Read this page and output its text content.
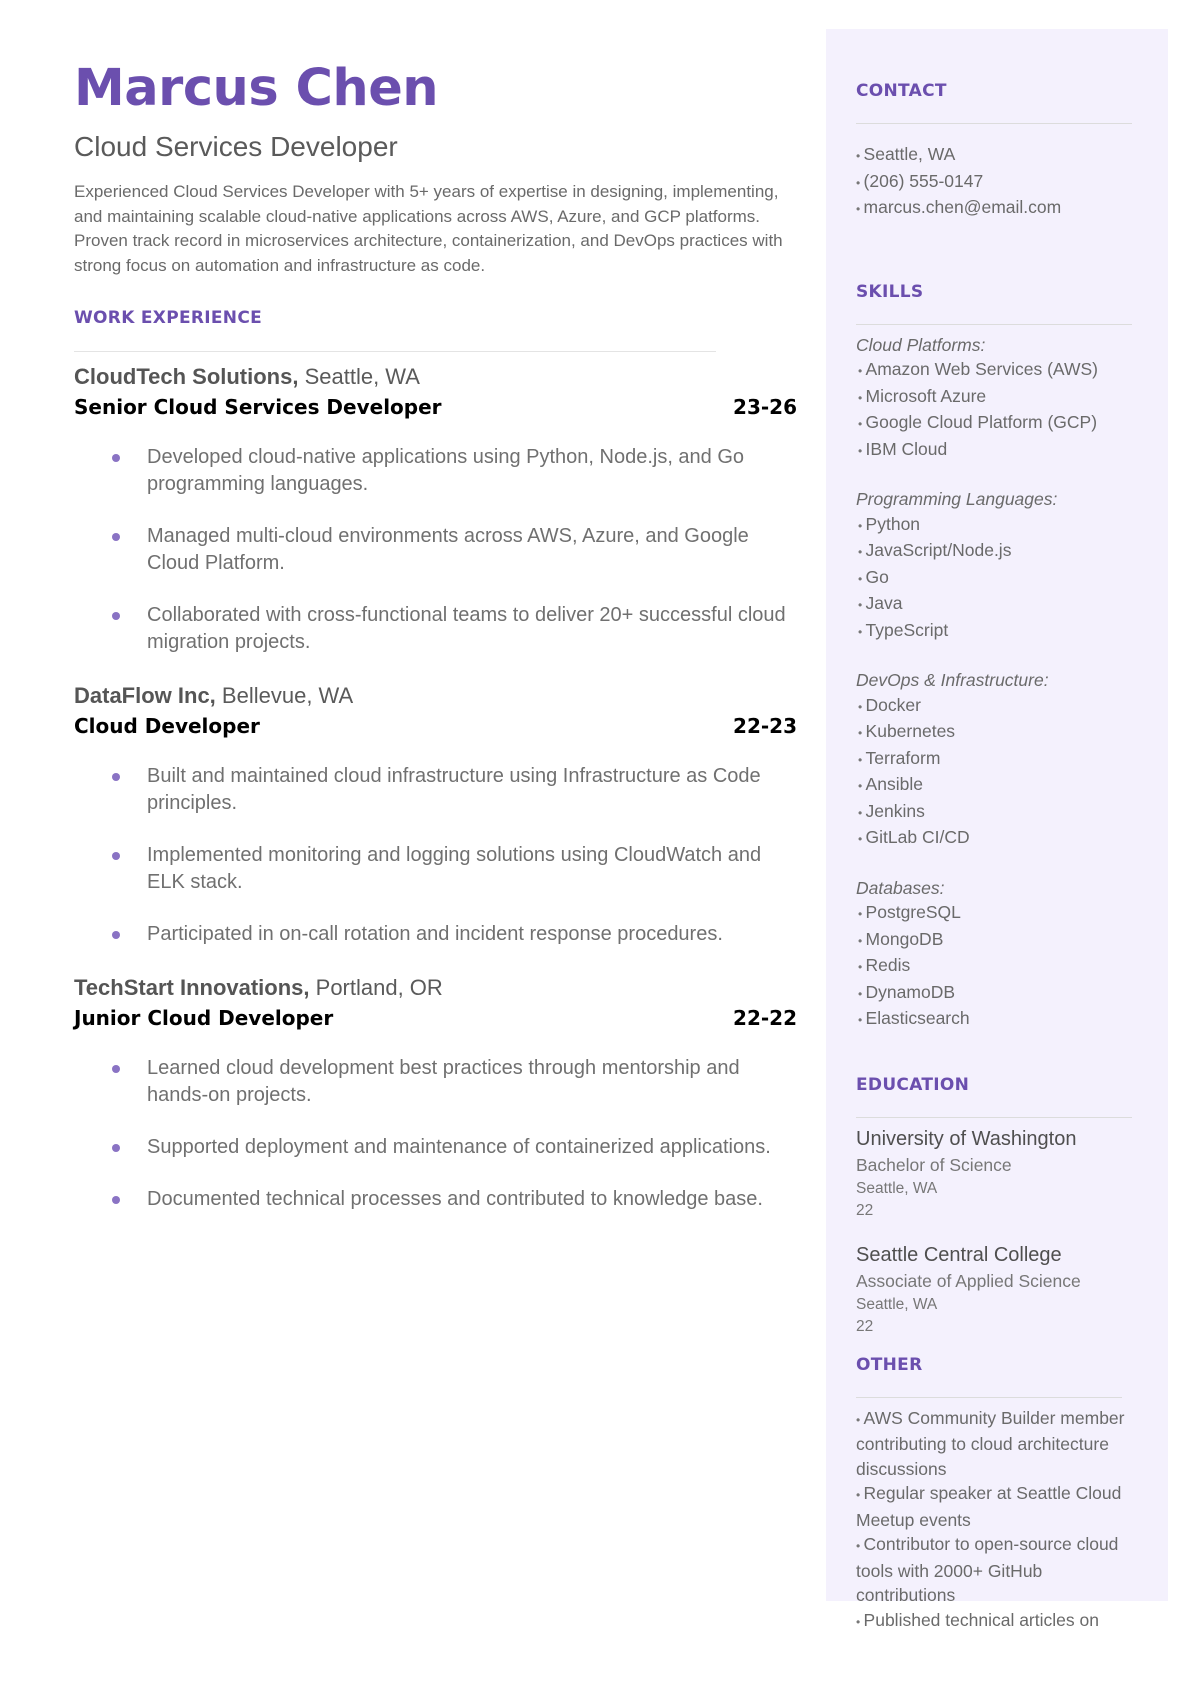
Marcus Chen
Cloud Services Developer
Experienced Cloud Services Developer with 5+ years of expertise in designing, implementing, and maintaining scalable cloud-native applications across AWS, Azure, and GCP platforms. Proven track record in microservices architecture, containerization, and DevOps practices with strong focus on automation and infrastructure as code.
WORK EXPERIENCE
CloudTech Solutions, Seattle, WA
Senior Cloud Services Developer	23-26
Developed cloud-native applications using Python, Node.js, and Go programming languages.
Managed multi-cloud environments across AWS, Azure, and Google Cloud Platform.
Collaborated with cross-functional teams to deliver 20+ successful cloud migration projects.
DataFlow Inc, Bellevue, WA
Cloud Developer	22-23
Built and maintained cloud infrastructure using Infrastructure as Code principles.
Implemented monitoring and logging solutions using CloudWatch and ELK stack.
Participated in on-call rotation and incident response procedures.
TechStart Innovations, Portland, OR
Junior Cloud Developer	22-22
Learned cloud development best practices through mentorship and hands-on projects.
Supported deployment and maintenance of containerized applications.
Documented technical processes and contributed to knowledge base.
CONTACT
• Seattle, WA
• (206) 555-0147
• marcus.chen@email.com
SKILLS
Cloud Platforms:
• Amazon Web Services (AWS)
• Microsoft Azure
• Google Cloud Platform (GCP)
• IBM Cloud
Programming Languages:
• Python
• JavaScript/Node.js
• Go
• Java
• TypeScript
DevOps & Infrastructure:
• Docker
• Kubernetes
• Terraform
• Ansible
• Jenkins
• GitLab CI/CD
Databases:
• PostgreSQL
• MongoDB
• Redis
• DynamoDB
• Elasticsearch
EDUCATION
University of Washington
Bachelor of Science
Seattle, WA
22
Seattle Central College
Associate of Applied Science
Seattle, WA
22
OTHER
• AWS Community Builder member contributing to cloud architecture discussions
• Regular speaker at Seattle Cloud Meetup events
• Contributor to open-source cloud tools with 2000+ GitHub contributions
• Published technical articles on
